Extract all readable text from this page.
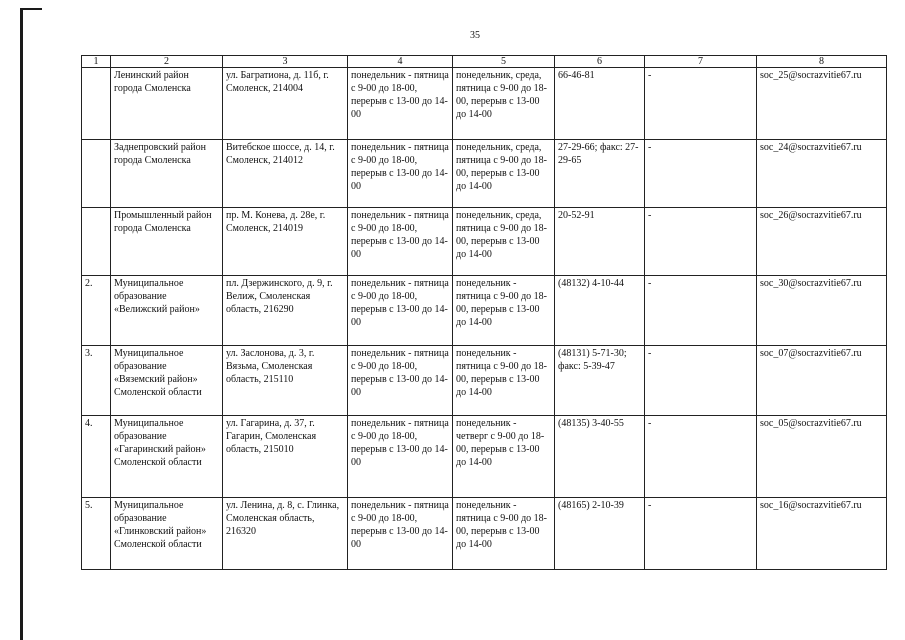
35
1	2	3	4	5	6	7	8
	Ленинский район города Смоленска	ул. Багратиона, д. 11б, г. Смоленск, 214004	понедельник - пятница с 9-00 до 18-00, перерыв с 13-00 до 14-00	понедельник, среда, пятница с 9-00 до 18-00, перерыв с 13-00 до 14-00	66-46-81	-	soc_25@socrazvitie67.ru
	Заднепровский район города Смоленска	Витебское шоссе, д. 14, г. Смоленск, 214012	понедельник - пятница с 9-00 до 18-00, перерыв с 13-00 до 14-00	понедельник, среда, пятница с 9-00 до 18-00, перерыв с 13-00 до 14-00	27-29-66; факс: 27-29-65	-	soc_24@socrazvitie67.ru
	Промышленный район города Смоленска	пр. М. Конева, д. 28е, г. Смоленск, 214019	понедельник - пятница с 9-00 до 18-00, перерыв с 13-00 до 14-00	понедельник, среда, пятница с 9-00 до 18-00, перерыв с 13-00 до 14-00	20-52-91	-	soc_26@socrazvitie67.ru
2.	Муниципальное образование «Велижский район»	пл. Дзержинского, д. 9, г. Велиж, Смоленская область, 216290	понедельник - пятница с 9-00 до 18-00, перерыв с 13-00 до 14-00	понедельник - пятница с 9-00 до 18-00, перерыв с 13-00 до 14-00	(48132) 4-10-44	-	soc_30@socrazvitie67.ru
3.	Муниципальное образование «Вяземский район» Смоленской области	ул. Заслонова, д. 3, г. Вязьма, Смоленская область, 215110	понедельник - пятница с 9-00 до 18-00, перерыв с 13-00 до 14-00	понедельник - пятница с 9-00 до 18-00, перерыв с 13-00 до 14-00	(48131) 5-71-30; факс: 5-39-47	-	soc_07@socrazvitie67.ru
4.	Муниципальное образование «Гагаринский район» Смоленской области	ул. Гагарина, д. 37, г. Гагарин, Смоленская область, 215010	понедельник - пятница с 9-00 до 18-00, перерыв с 13-00 до 14-00	понедельник - четверг с 9-00 до 18-00, перерыв с 13-00 до 14-00	(48135) 3-40-55	-	soc_05@socrazvitie67.ru
5.	Муниципальное образование «Глинковский район» Смоленской области	ул. Ленина, д. 8, с. Глинка, Смоленская область, 216320	понедельник - пятница с 9-00 до 18-00, перерыв с 13-00 до 14-00	понедельник - пятница с 9-00 до 18-00, перерыв с 13-00 до 14-00	(48165) 2-10-39	-	soc_16@socrazvitie67.ru
